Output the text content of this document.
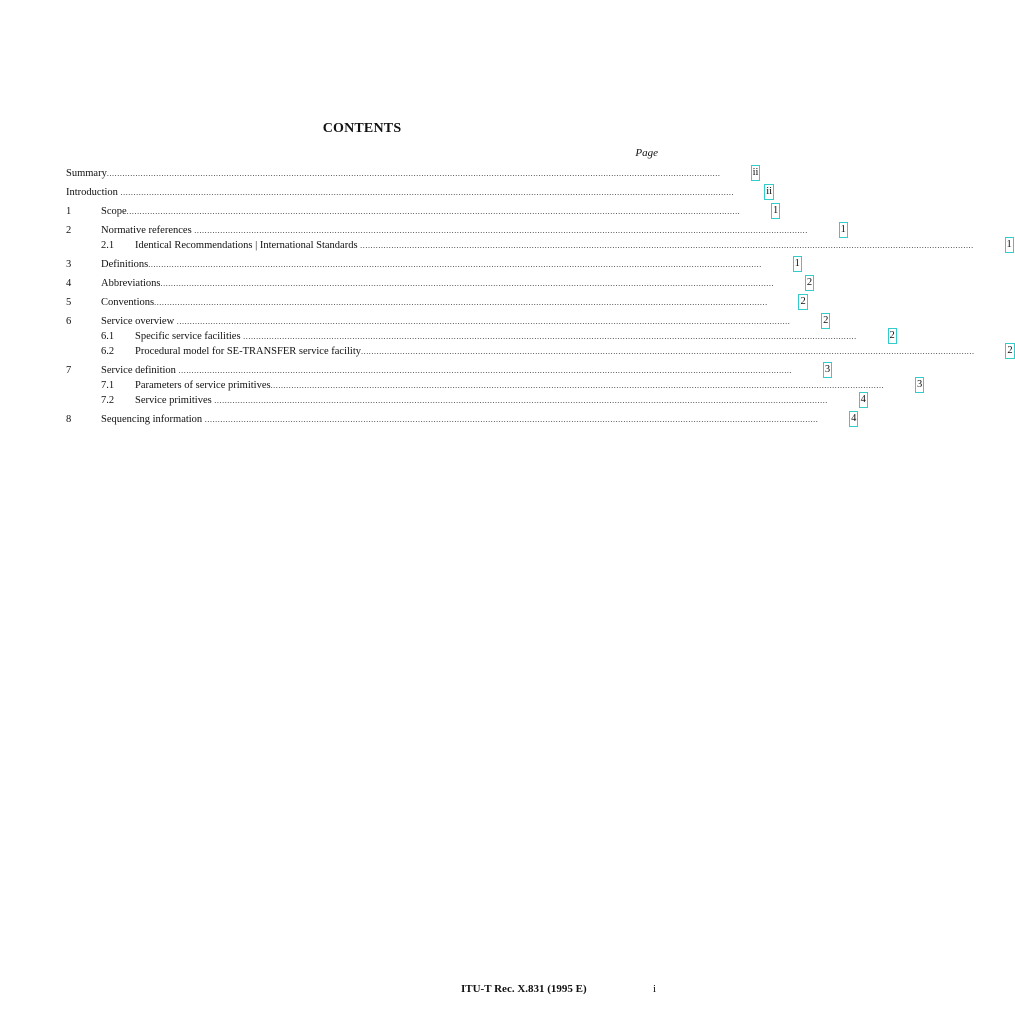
CONTENTS
Page
Summary ............................................................................................................................................................................................................................................	ii
Introduction ............................................................................................................................................................................................................................................	ii
1	Scope ............................................................................................................................................................................................................................................	1
2	Normative references ............................................................................................................................................................................................................................................	1
2.1	Identical Recommendations | International Standards ............................................................................................................................................................................................................................................	1
3	Definitions ............................................................................................................................................................................................................................................	1
4	Abbreviations ............................................................................................................................................................................................................................................	2
5	Conventions ............................................................................................................................................................................................................................................	2
6	Service overview ............................................................................................................................................................................................................................................	2
6.1	Specific service facilities ............................................................................................................................................................................................................................................	2
6.2	Procedural model for SE-TRANSFER service facility ............................................................................................................................................................................................................................................	2
7	Service definition ............................................................................................................................................................................................................................................	3
7.1	Parameters of service primitives ............................................................................................................................................................................................................................................	3
7.2	Service primitives ............................................................................................................................................................................................................................................	4
8	Sequencing information ............................................................................................................................................................................................................................................	4
ITU-T Rec. X.831 (1995 E)	i
